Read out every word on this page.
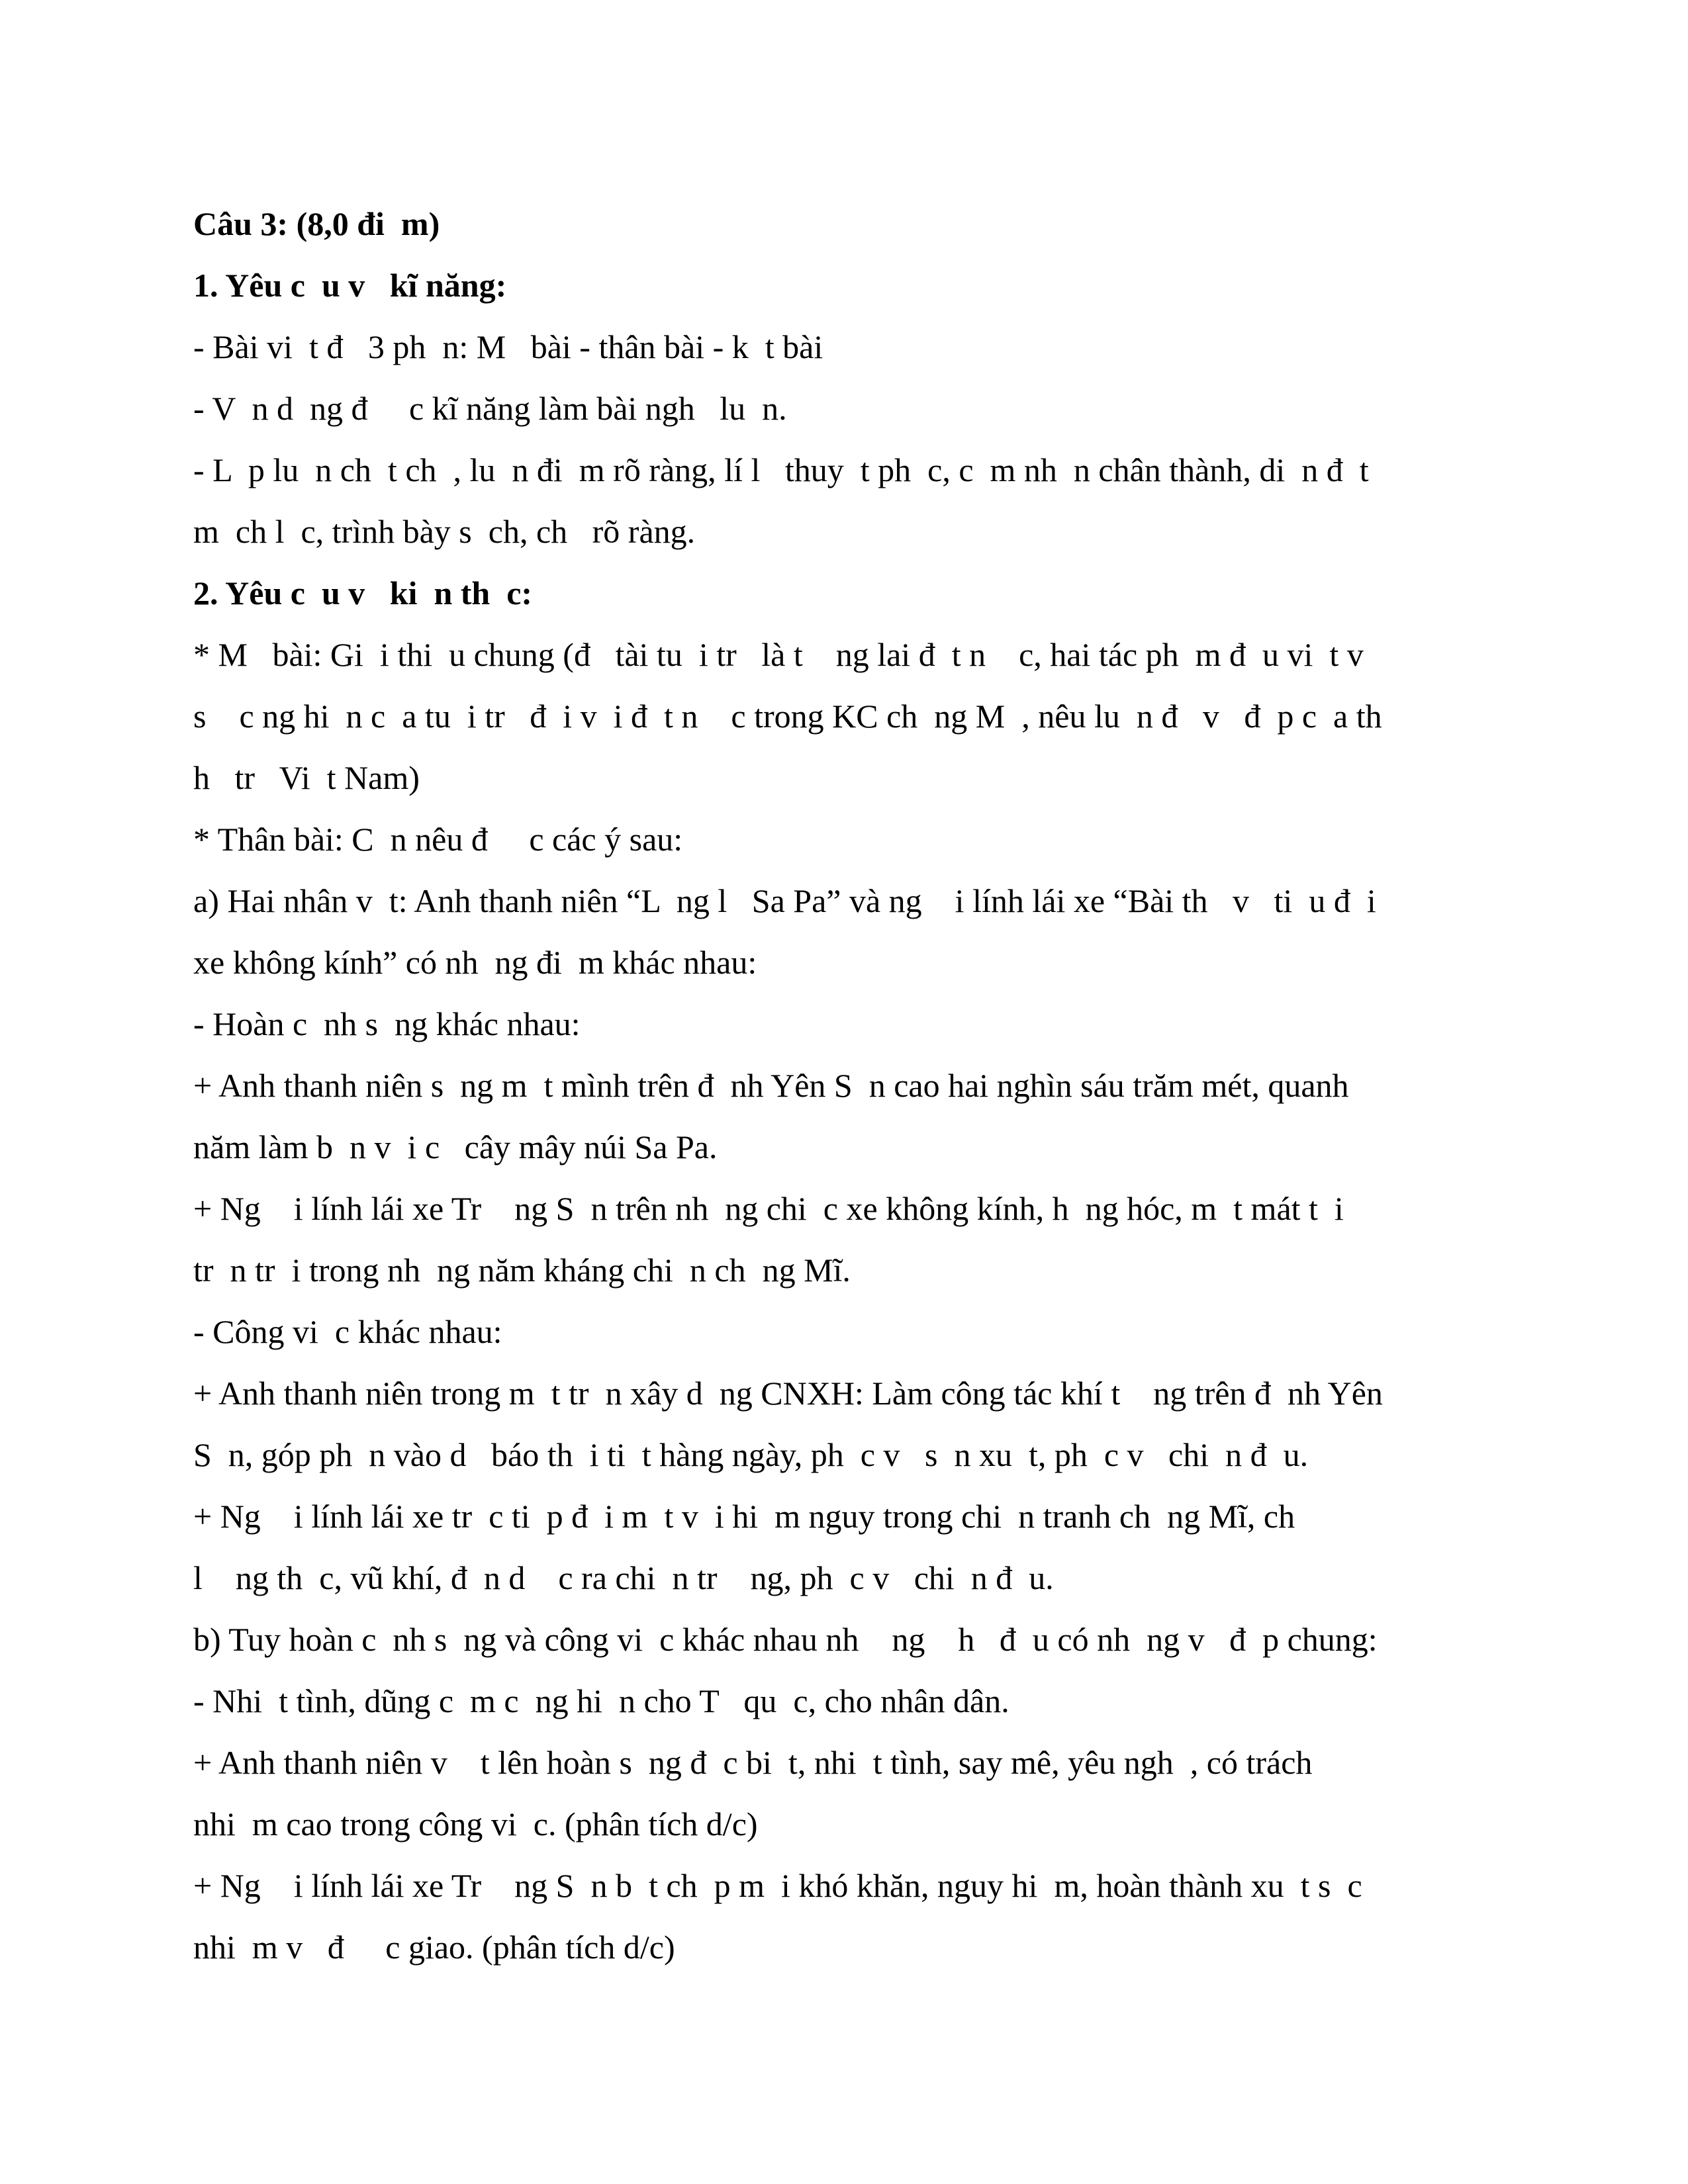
Câu 3: (8,0 đi  m)
1. Yêu c  u v   kĩ năng:
- Bài vi  t đ   3 ph  n: M   bài - thân bài - k  t bài
- V  n d  ng đ     c kĩ năng làm bài ngh   lu  n.
- L  p lu  n ch  t ch  , lu  n đi  m rõ ràng, lí l   thuy  t ph  c, c  m nh  n chân thành, di  n đ  t
m  ch l  c, trình bày s  ch, ch   rõ ràng.
2. Yêu c  u v   ki  n th  c:
* M   bài: Gi  i thi  u chung (đ   tài tu  i tr   là t    ng lai đ  t n    c, hai tác ph  m đ  u vi  t v
s    c ng hi  n c  a tu  i tr   đ  i v  i đ  t n    c trong KC ch  ng M  , nêu lu  n đ   v   đ  p c  a th
h   tr   Vi  t Nam)
* Thân bài: C  n nêu đ     c các ý sau:
a) Hai nhân v  t: Anh thanh niên “L  ng l   Sa Pa” và ng    i lính lái xe “Bài th   v   ti  u đ  i
xe không kính” có nh  ng đi  m khác nhau:
- Hoàn c  nh s  ng khác nhau:
+ Anh thanh niên s  ng m  t mình trên đ  nh Yên S  n cao hai nghìn sáu trăm mét, quanh
năm làm b  n v  i c   cây mây núi Sa Pa.
+ Ng    i lính lái xe Tr    ng S  n trên nh  ng chi  c xe không kính, h  ng hóc, m  t mát t  i
tr  n tr  i trong nh  ng năm kháng chi  n ch  ng Mĩ.
- Công vi  c khác nhau:
+ Anh thanh niên trong m  t tr  n xây d  ng CNXH: Làm công tác khí t    ng trên đ  nh Yên
S  n, góp ph  n vào d   báo th  i ti  t hàng ngày, ph  c v   s  n xu  t, ph  c v   chi  n đ  u.
+ Ng    i lính lái xe tr  c ti  p đ  i m  t v  i hi  m nguy trong chi  n tranh ch  ng Mĩ, ch
l    ng th  c, vũ khí, đ  n d    c ra chi  n tr    ng, ph  c v   chi  n đ  u.
b) Tuy hoàn c  nh s  ng và công vi  c khác nhau nh    ng    h   đ  u có nh  ng v   đ  p chung:
- Nhi  t tình, dũng c  m c  ng hi  n cho T   qu  c, cho nhân dân.
+ Anh thanh niên v    t lên hoàn s  ng đ  c bi  t, nhi  t tình, say mê, yêu ngh  , có trách
nhi  m cao trong công vi  c. (phân tích d/c)
+ Ng    i lính lái xe Tr    ng S  n b  t ch  p m  i khó khăn, nguy hi  m, hoàn thành xu  t s  c
nhi  m v   đ     c giao. (phân tích d/c)
